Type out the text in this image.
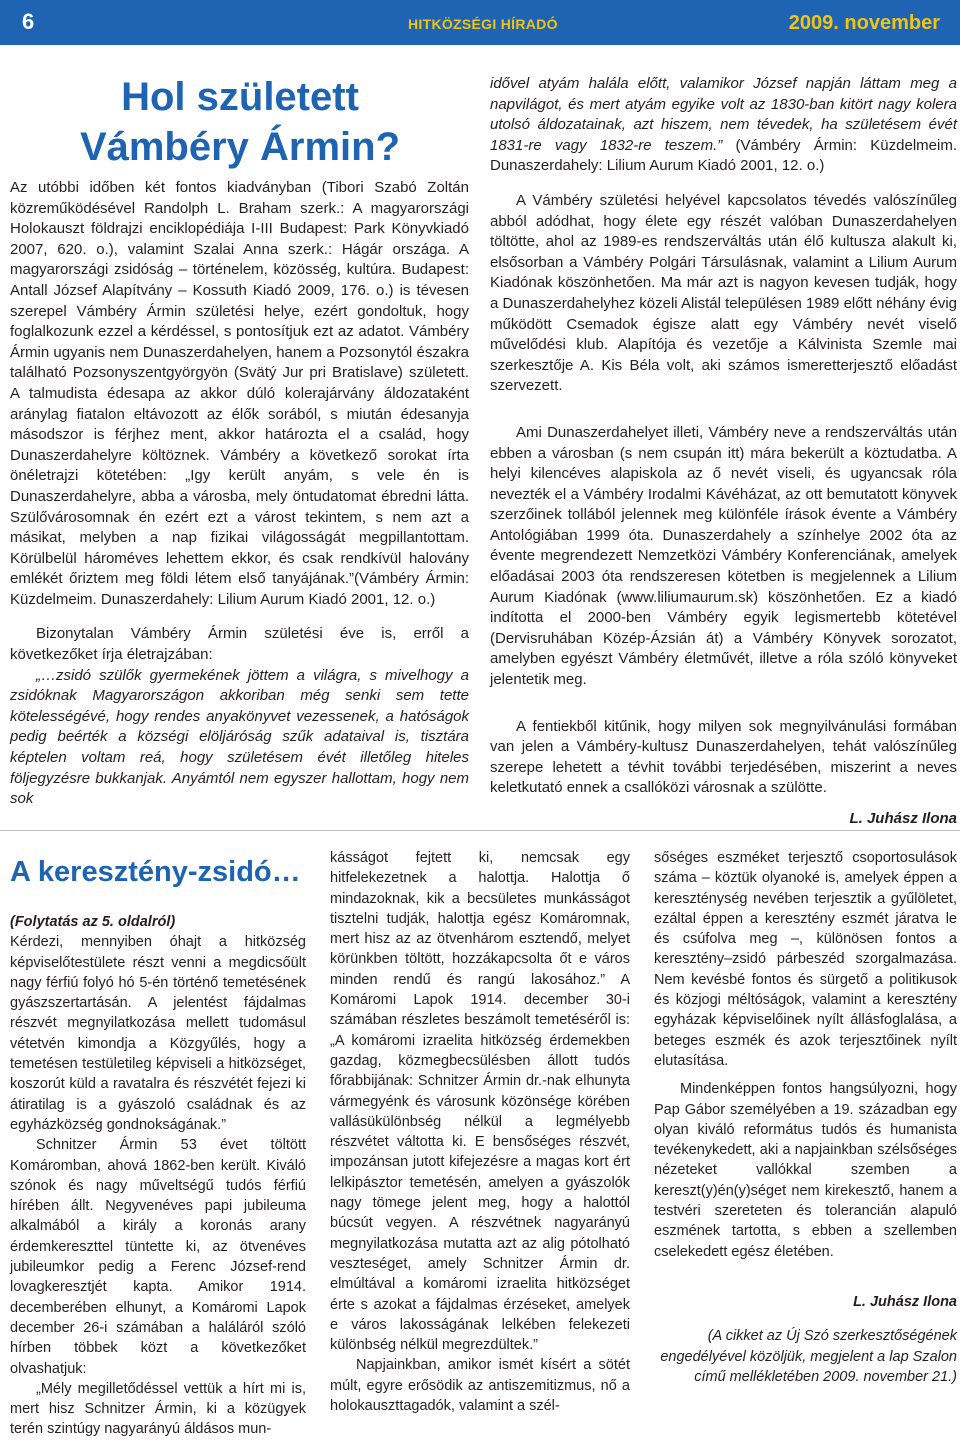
6	HITKÖZSÉGI HÍRADÓ	2009. november
Hol született Vámbéry Ármin?

Az utóbbi időben két fontos kiadványban (Tibori Szabó Zoltán közreműködésével Randolph L. Braham szerk.: A magyarországi Holokauszt földrajzi enciklopédiája I-III Budapest: Park Könyvkiadó 2007, 620. o.), valamint Szalai Anna szerk.: Hágár országa. A magyarországi zsidóság – történelem, közösség, kultúra. Budapest: Antall József Alapítvány – Kossuth Kiadó 2009, 176. o.) is tévesen szerepel Vámbéry Ármin születési helye, ezért gondoltuk, hogy foglalkozunk ezzel a kérdéssel, s pontosítjuk ezt az adatot. Vámbéry Ármin ugyanis nem Dunaszerdahelyen, hanem a Pozsonytól északra található Pozsonyszentgyörgyön (Svätý Jur pri Bratislave) született. A talmudista édesapa az akkor dúló kolerajárvány áldozataként aránylag fiatalon eltávozott az élők sorából, s miután édesanyja másodszor is férjhez ment, akkor határozta el a család, hogy Dunaszerdahelyre költöznek. Vámbéry a következő sorokat írta önéletrajzi kötetében: „Igy került anyám, s vele én is Dunaszerdahelyre, abba a városba, mely öntudatomat ébredni látta. Szülővárosomnak én ezért ezt a várost tekintem, s nem azt a másikat, melyben a nap fizikai világosságát megpillantottam. Körülbelül hároméves lehettem ekkor, és csak rendkívül halovány emlékét őriztem meg földi létem első tanyájának.”(Vámbéry Ármin: Küzdelmeim. Dunaszerdahely: Lilium Aurum Kiadó 2001, 12. o.)

Bizonytalan Vámbéry Ármin születési éve is, erről a következőket írja életrajzában:

„…zsidó szülők gyermekének jöttem a világra, s mivelhogy a zsidóknak Magyarországon akkoriban még senki sem tette kötelességévé, hogy rendes anyakönyvet vezessenek, a hatóságok pedig beérték a községi elöljáróság szűk adataival is, tisztára képtelen voltam reá, hogy születésem évét illetőleg hiteles följegyzésre bukkanjak. Anyámtól nem egyszer hallottam, hogy nem sok

idővel atyám halála előtt, valamikor József napján láttam meg a napvilágot, és mert atyám egyike volt az 1830-ban kitört nagy kolera utolsó áldozatainak, azt hiszem, nem tévedek, ha születésem évét 1831-re vagy 1832-re teszem.” (Vámbéry Ármin: Küzdelmeim. Dunaszerdahely: Lilium Aurum Kiadó 2001, 12. o.)

A Vámbéry születési helyével kapcsolatos tévedés valószínűleg abból adódhat, hogy élete egy részét valóban Dunaszerdahelyen töltötte, ahol az 1989-es rendszerváltás után élő kultusza alakult ki, elsősorban a Vámbéry Polgári Társulásnak, valamint a Lilium Aurum Kiadónak köszönhetően. Ma már azt is nagyon kevesen tudják, hogy a Dunaszerdahelyhez közeli Alistál településen 1989 előtt néhány évig működött Csemadok égisze alatt egy Vámbéry nevét viselő művelődési klub. Alapítója és vezetője a Kálvinista Szemle mai szerkesztője A. Kis Béla volt, aki számos ismeretterjesztő előadást szervezett.

Ami Dunaszerdahelyet illeti, Vámbéry neve a rendszerváltás után ebben a városban (s nem csupán itt) mára bekerült a köztudatba. A helyi kilencéves alapiskola az ő nevét viseli, és ugyancsak róla nevezték el a Vámbéry Irodalmi Kávéházat, az ott bemutatott könyvek szerzőinek tollából jelennek meg különféle írások évente a Vámbéry Antológiában 1999 óta. Dunaszerdahely a színhelye 2002 óta az évente megrendezett Nemzetközi Vámbéry Konferenciának, amelyek előadásai 2003 óta rendszeresen kötetben is megjelennek a Lilium Aurum Kiadónak (www.liliumaurum.sk) köszönhetően. Ez a kiadó indította el 2000-ben Vámbéry egyik legismertebb kötetével (Dervisruhában Közép-Ázsián át) a Vámbéry Könyvek sorozatot, amelyben egyészt Vámbéry életművét, illetve a róla szóló könyveket jelentetik meg.

A fentiekből kitűnik, hogy milyen sok megnyilvánulási formában van jelen a Vámbéry-kultusz Dunaszerdahelyen, tehát valószínűleg szerepe lehetett a tévhit további terjedésében, miszerint a neves keletkutató ennek a csallóközi városnak a szülötte.

L. Juhász Ilona

A keresztény-zsidó…

(Folytatás az 5. oldalról)

Kérdezi, mennyiben óhajt a hitközség képviselőtestülete részt venni a megdicsőült nagy férfiú folyó hó 5-én történő temetésének gyászszertartásán. A jelentést fájdalmas részvét megnyilatkozása mellett tudomásul vétetvén kimondja a Közgyűlés, hogy a temetésen testületileg képviseli a hitközséget, koszorút küld a ravatalra és részvétét fejezi ki átiratilag is a gyászoló családnak és az egyházközség gondnokságának.”

Schnitzer Ármin 53 évet töltött Komáromban, ahová 1862-ben került. Kiváló szónok és nagy műveltségű tudós férfiú hírében állt. Negyvenéves papi jubileuma alkalmából a király a koronás arany érdemkereszttel tüntette ki, az ötvenéves jubileumkor pedig a Ferenc József-rend lovagkeresztjét kapta. Amikor 1914. decemberében elhunyt, a Komáromi Lapok december 26-i számában a haláláról szóló hírben többek közt a következőket olvashatjuk:

„Mély megilletődéssel vettük a hírt mi is, mert hisz Schnitzer Ármin, ki a közügyek terén szintúgy nagyarányú áldásos mun-

kásságot fejtett ki, nemcsak egy hitfelekezetnek a halottja. Halottja ő mindazoknak, kik a becsületes munkásságot tisztelni tudják, halottja egész Komáromnak, mert hisz az az ötvenhárom esztendő, melyet körünkben töltött, hozzákapcsolta őt e város minden rendű és rangú lakosához.” A Komáromi Lapok 1914. december 30-i számában részletes beszámolt temetéséről is: „A komáromi izraelita hitközség érdemekben gazdag, közmegbecsülésben állott tudós főrabbijának: Schnitzer Ármin dr.-nak elhunyta vármegyénk és városunk közönsége körében vallásükülönbség nélkül a legmélyebb részvétet váltotta ki. E bensőséges részvét, impozánsan jutott kifejezésre a magas kort ért lelkipásztor temetésén, amelyen a gyászolók nagy tömege jelent meg, hogy a halottól búcsút vegyen. A részvétnek nagyarányú megnyilatkozása mutatta azt az alig pótolható veszteséget, amely Schnitzer Ármin dr. elmúltával a komáromi izraelita hitközséget érte s azokat a fájdalmas érzéseket, amelyek e város lakosságának lelkében felekezeti különbség nélkül megrezdültek.”

Napjainkban, amikor ismét kísért a sötét múlt, egyre erősödik az antiszemitizmus, nő a holokauszttagadók, valamint a szél-

sőséges eszméket terjesztő csoportosulások száma – köztük olyanoké is, amelyek éppen a kereszténység nevében terjesztik a gyűlöletet, ezáltal éppen a keresztény eszmét járatva le és csúfolva meg –, különösen fontos a keresztény–zsidó párbeszéd szorgalmazása. Nem kevésbé fontos és sürgető a politikusok és közjogi méltóságok, valamint a keresztény egyházak képviselőinek nyílt állásfoglalása, a beteges eszmék és azok terjesztőinek nyílt elutasítása.

Mindenképpen fontos hangsúlyozni, hogy Pap Gábor személyében a 19. században egy olyan kiváló református tudós és humanista tevékenykedett, aki a napjainkban szélsőséges nézeteket vallókkal szemben a kereszt(y)én(y)séget nem kirekesztő, hanem a testvéri szereteten és tolerancián alapuló eszmének tartotta, s ebben a szellemben cselekedett egész életében.

L. Juhász Ilona

(A cikket az Új Szó szerkesztőségének engedélyével közöljük, megjelent a lap Szalon című mellékletében 2009. november 21.)
